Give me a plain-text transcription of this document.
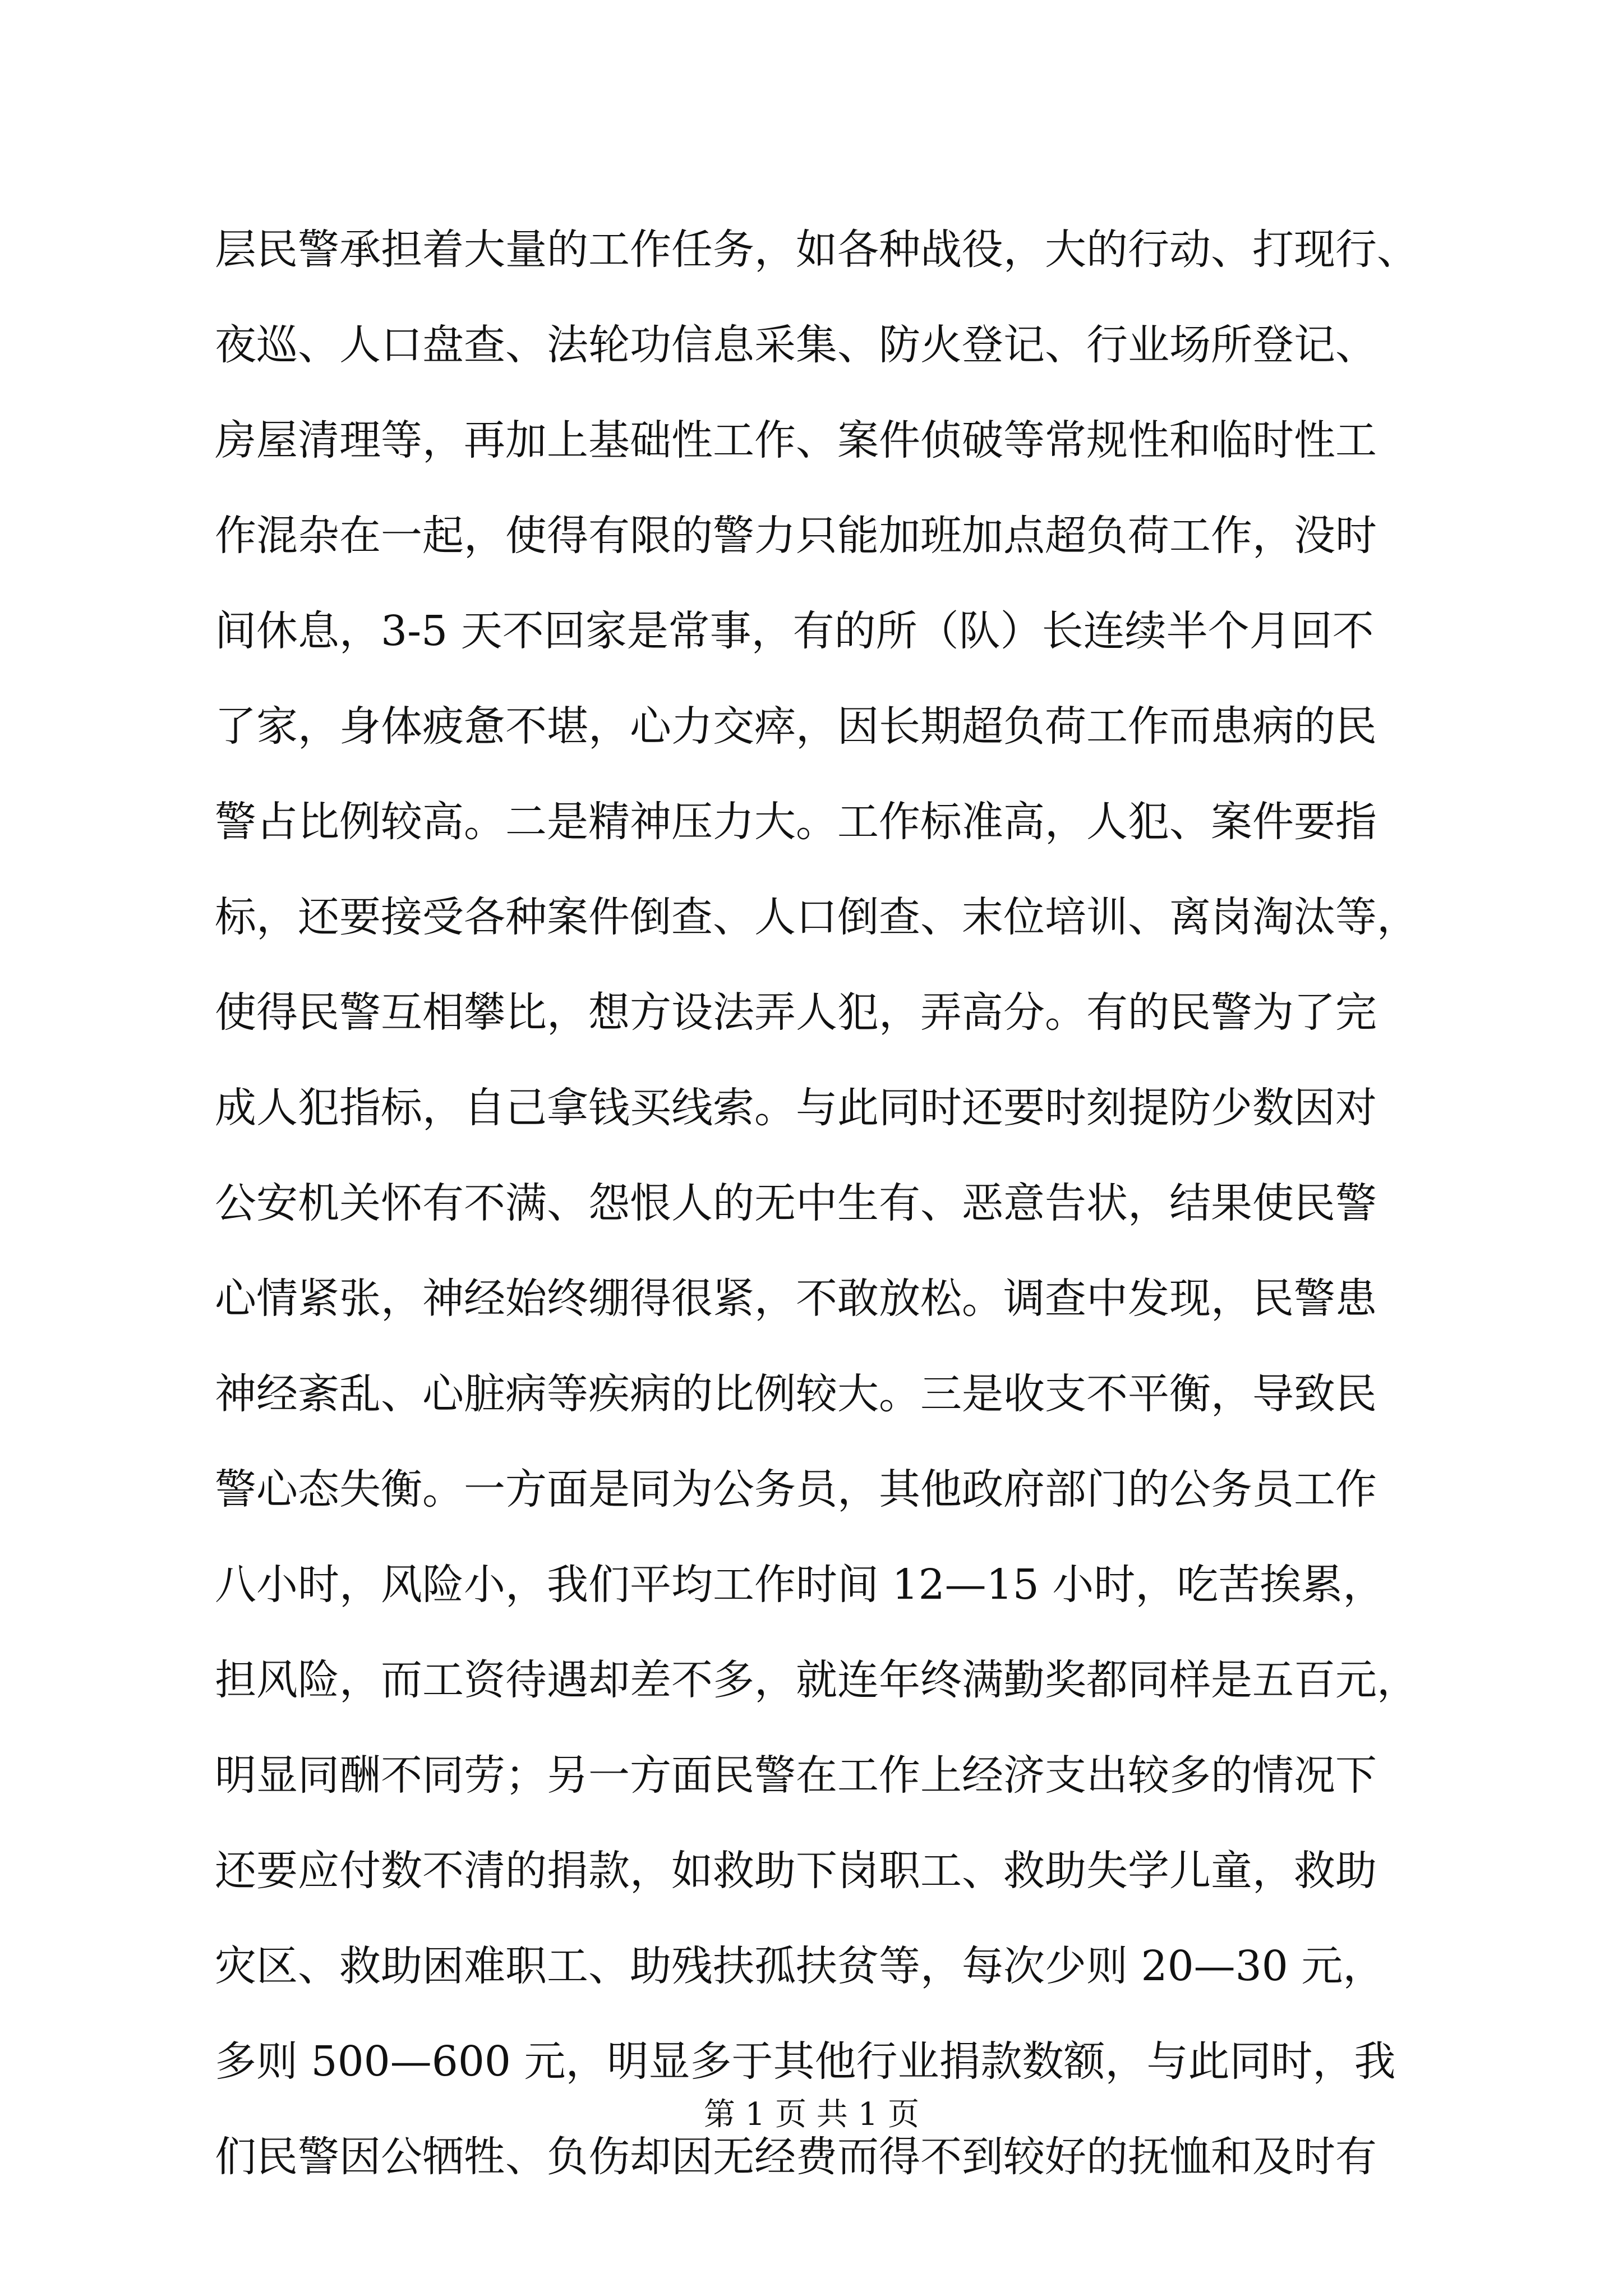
层民警承担着大量的工作任务，如各种战役，大的行动、打现行、
夜巡、人口盘查、法轮功信息采集、防火登记、行业场所登记、
房屋清理等，再加上基础性工作、案件侦破等常规性和临时性工
作混杂在一起，使得有限的警力只能加班加点超负荷工作，没时
间休息，3-5 天不回家是常事，有的所（队）长连续半个月回不
了家，身体疲惫不堪，心力交瘁，因长期超负荷工作而患病的民
警占比例较高。二是精神压力大。工作标准高，人犯、案件要指
标，还要接受各种案件倒查、人口倒查、末位培训、离岗淘汰等，
使得民警互相攀比，想方设法弄人犯，弄高分。有的民警为了完
成人犯指标，自己拿钱买线索。与此同时还要时刻提防少数因对
公安机关怀有不满、怨恨人的无中生有、恶意告状，结果使民警
心情紧张，神经始终绷得很紧，不敢放松。调查中发现，民警患
神经紊乱、心脏病等疾病的比例较大。三是收支不平衡，导致民
警心态失衡。一方面是同为公务员，其他政府部门的公务员工作
八小时，风险小，我们平均工作时间 12—15 小时，吃苦挨累，
担风险，而工资待遇却差不多，就连年终满勤奖都同样是五百元，
明显同酬不同劳；另一方面民警在工作上经济支出较多的情况下
还要应付数不清的捐款，如救助下岗职工、救助失学儿童，救助
灾区、救助困难职工、助残扶孤扶贫等，每次少则 20—30 元，
多则 500—600 元，明显多于其他行业捐款数额，与此同时，我
们民警因公牺牲、负伤却因无经费而得不到较好的抚恤和及时有
第 1 页 共 1 页
